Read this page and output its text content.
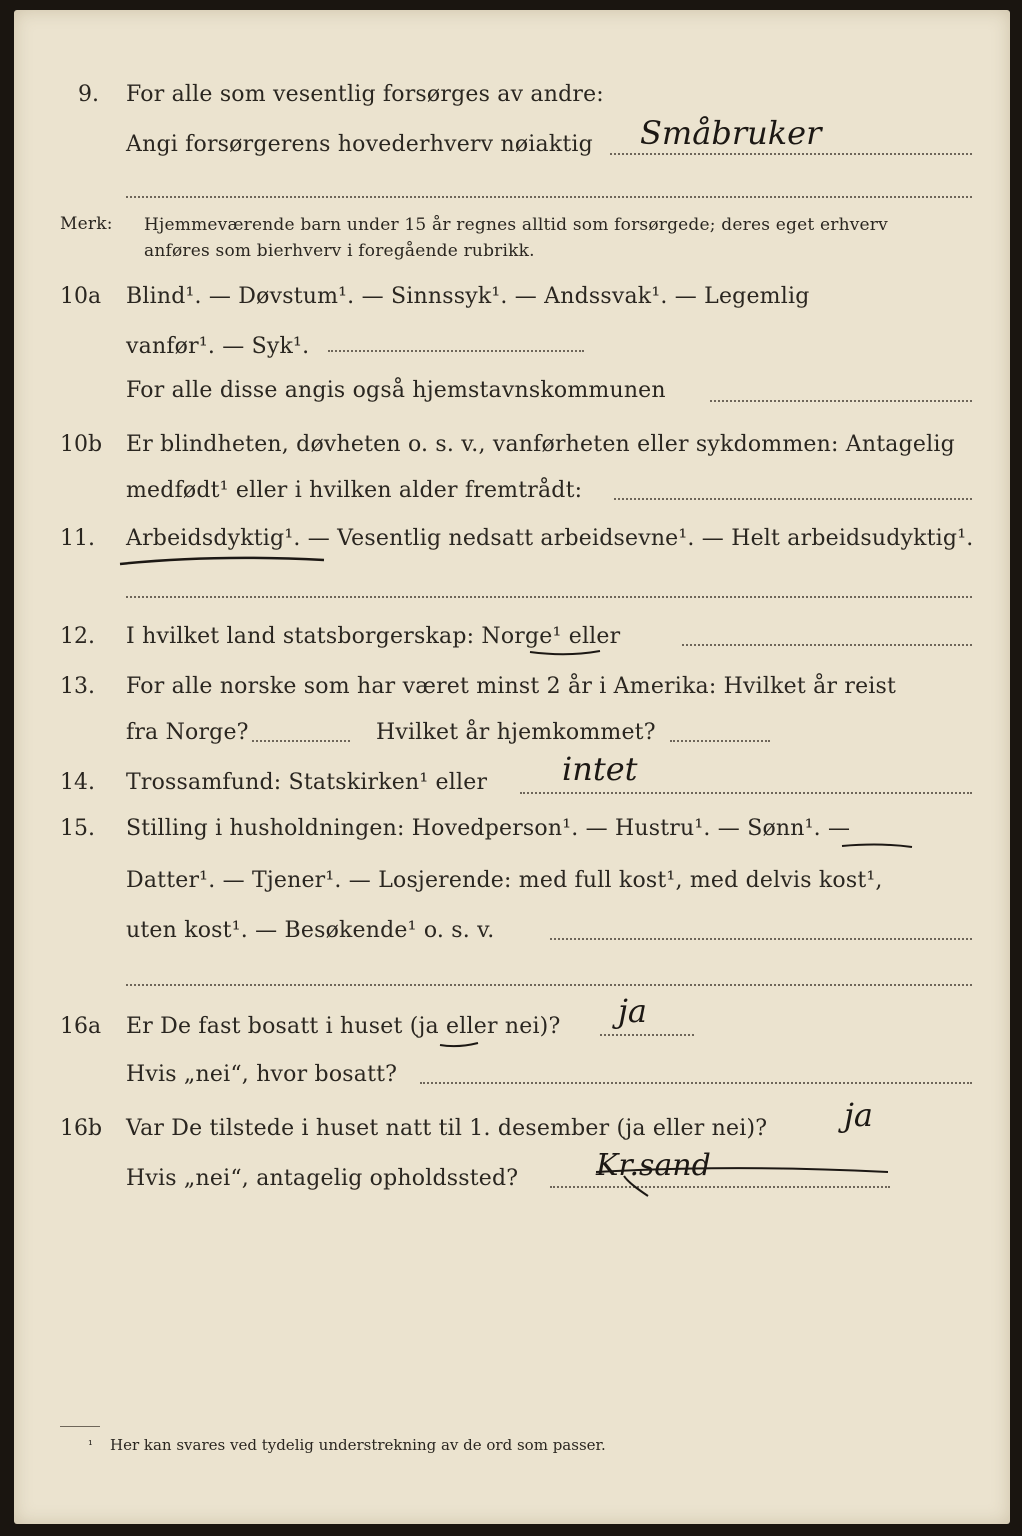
9. For alle som vesentlig forsørges av andre:
Angi forsørgerens hovederhverv nøiaktig Småbruker
Merk: Hjemmeværende barn under 15 år regnes alltid som forsørgede; deres eget erhverv
anføres som bierhverv i foregående rubrikk.
10a Blind¹. — Døvstum¹. — Sinnssyk¹. — Andssvak¹. — Legemlig
vanfør¹. — Syk¹.
For alle disse angis også hjemstavnskommunen
10b Er blindheten, døvheten o. s. v., vanførheten eller sykdommen: Antagelig
medfødt¹ eller i hvilken alder fremtrådt:
11. Arbeidsdyktig¹. — Vesentlig nedsatt arbeidsevne¹. — Helt arbeidsudyktig¹.
12. I hvilket land statsborgerskap: Norge¹ eller
13. For alle norske som har været minst 2 år i Amerika: Hvilket år reist
fra Norge?	Hvilket år hjemkommet?
14. Trossamfund: Statskirken¹ eller intet
15. Stilling i husholdningen: Hovedperson¹. — Hustru¹. — Sønn¹. —
Datter¹. — Tjener¹. — Losjerende: med full kost¹, med delvis kost¹,
uten kost¹. — Besøkende¹ o. s. v.
16a Er De fast bosatt i huset (ja eller nei)? ja
Hvis „nei“, hvor bosatt?
16b Var De tilstede i huset natt til 1. desember (ja eller nei)? ja
Hvis „nei“, antagelig opholdssted?	Kr.sand
¹ Her kan svares ved tydelig understrekning av de ord som passer.
